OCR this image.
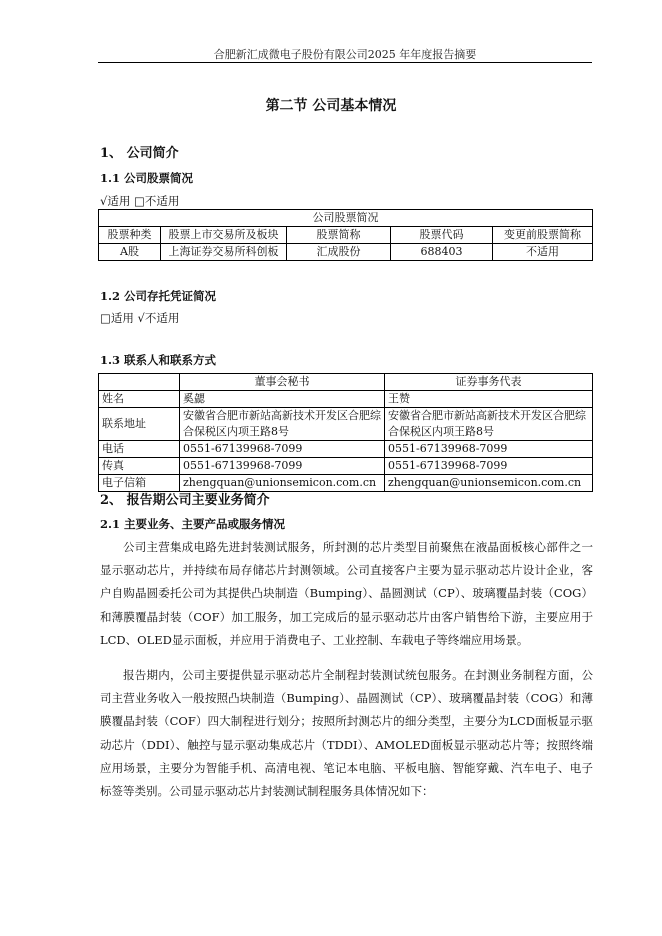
合肥新汇成微电子股份有限公司2025 年年度报告摘要
第二节 公司基本情况
1、 公司简介
1.1 公司股票简况
√适用 □不适用
公司股票简况				
股票种类	股票上市交易所及板块	股票简称	股票代码	变更前股票简称
A股	上海证券交易所科创板	汇成股份	688403	不适用
1.2 公司存托凭证简况
□适用 √不适用
1.3 联系人和联系方式
	董事会秘书	证券事务代表
姓名	奚勰	王赞
联系地址	安徽省合肥市新站高新技术开发区合肥综合保税区内项王路8号	安徽省合肥市新站高新技术开发区合肥综合保税区内项王路8号
电话	0551-67139968-7099	0551-67139968-7099
传真	0551-67139968-7099	0551-67139968-7099
电子信箱	zhengquan@unionsemicon.com.cn	zhengquan@unionsemicon.com.cn
2、 报告期公司主要业务简介
2.1 主要业务、主要产品或服务情况

公司主营集成电路先进封装测试服务，所封测的芯片类型目前聚焦在液晶面板核心部件之一显示驱动芯片，并持续布局存储芯片封测领域。公司直接客户主要为显示驱动芯片设计企业，客户自购晶圆委托公司为其提供凸块制造（Bumping）、晶圆测试（CP）、玻璃覆晶封装（COG）和薄膜覆晶封装（COF）加工服务，加工完成后的显示驱动芯片由客户销售给下游，主要应用于LCD、OLED显示面板，并应用于消费电子、工业控制、车载电子等终端应用场景。

报告期内，公司主要提供显示驱动芯片全制程封装测试统包服务。在封测业务制程方面，公司主营业务收入一般按照凸块制造（Bumping）、晶圆测试（CP）、玻璃覆晶封装（COG）和薄膜覆晶封装（COF）四大制程进行划分；按照所封测芯片的细分类型，主要分为LCD面板显示驱动芯片（DDI）、触控与显示驱动集成芯片（TDDI）、AMOLED面板显示驱动芯片等；按照终端应用场景，主要分为智能手机、高清电视、笔记本电脑、平板电脑、智能穿戴、汽车电子、电子标签等类别。公司显示驱动芯片封装测试制程服务具体情况如下：
